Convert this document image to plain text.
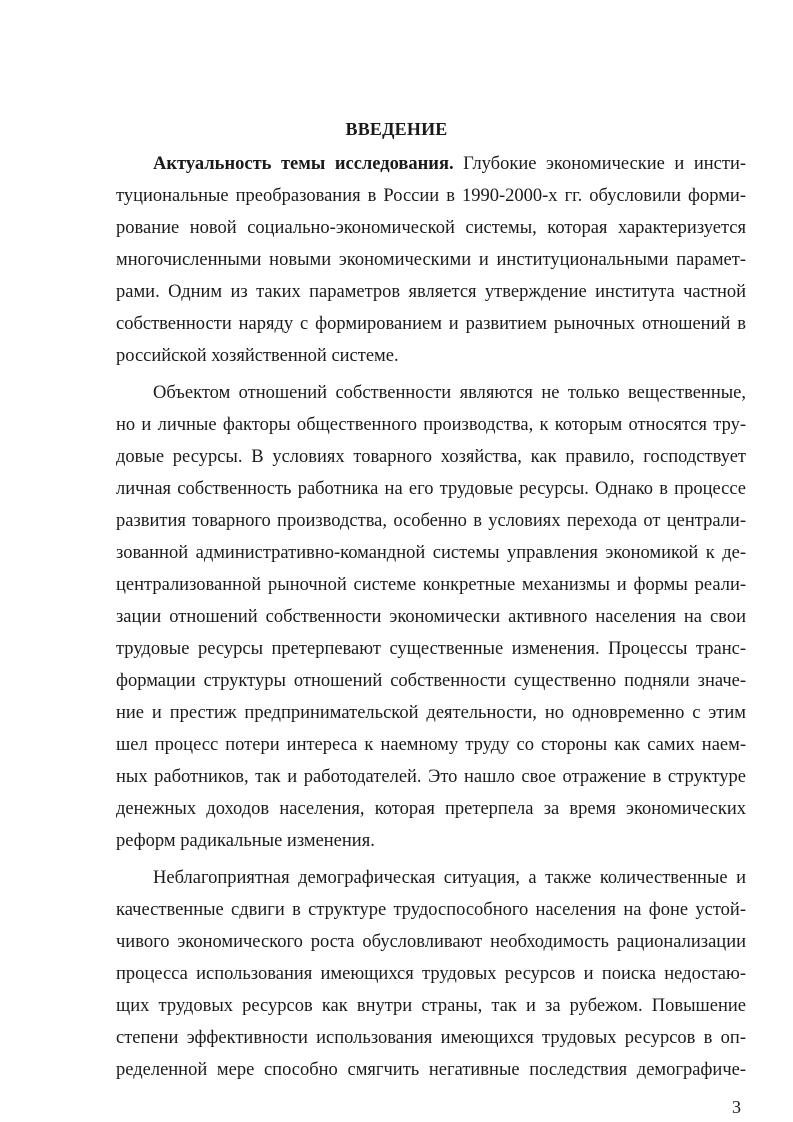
ВВЕДЕНИЕ
Актуальность темы исследования. Глубокие экономические и инсти-
туциональные преобразования в России в 1990-2000-х гг. обусловили форми-
рование новой социально-экономической системы, которая характеризуется
многочисленными новыми экономическими и институциональными парамет-
рами. Одним из таких параметров является утверждение института частной
собственности наряду с формированием и развитием рыночных отношений в
российской хозяйственной системе.
Объектом отношений собственности являются не только вещественные,
но и личные факторы общественного производства, к которым относятся тру-
довые ресурсы. В условиях товарного хозяйства, как правило, господствует
личная собственность работника на его трудовые ресурсы. Однако в процессе
развития товарного производства, особенно в условиях перехода от централи-
зованной административно-командной системы управления экономикой к де-
централизованной рыночной системе конкретные механизмы и формы реали-
зации отношений собственности экономически активного населения на свои
трудовые ресурсы претерпевают существенные изменения. Процессы транс-
формации структуры отношений собственности существенно подняли значе-
ние и престиж предпринимательской деятельности, но одновременно с этим
шел процесс потери интереса к наемному труду со стороны как самих наем-
ных работников, так и работодателей. Это нашло свое отражение в структуре
денежных доходов населения, которая претерпела за время экономических
реформ радикальные изменения.
Неблагоприятная демографическая ситуация, а также количественные и
качественные сдвиги в структуре трудоспособного населения на фоне устой-
чивого экономического роста обусловливают необходимость рационализации
процесса использования имеющихся трудовых ресурсов и поиска недостаю-
щих трудовых ресурсов как внутри страны, так и за рубежом. Повышение
степени эффективности использования имеющихся трудовых ресурсов в оп-
ределенной мере способно смягчить негативные последствия демографиче-
3
